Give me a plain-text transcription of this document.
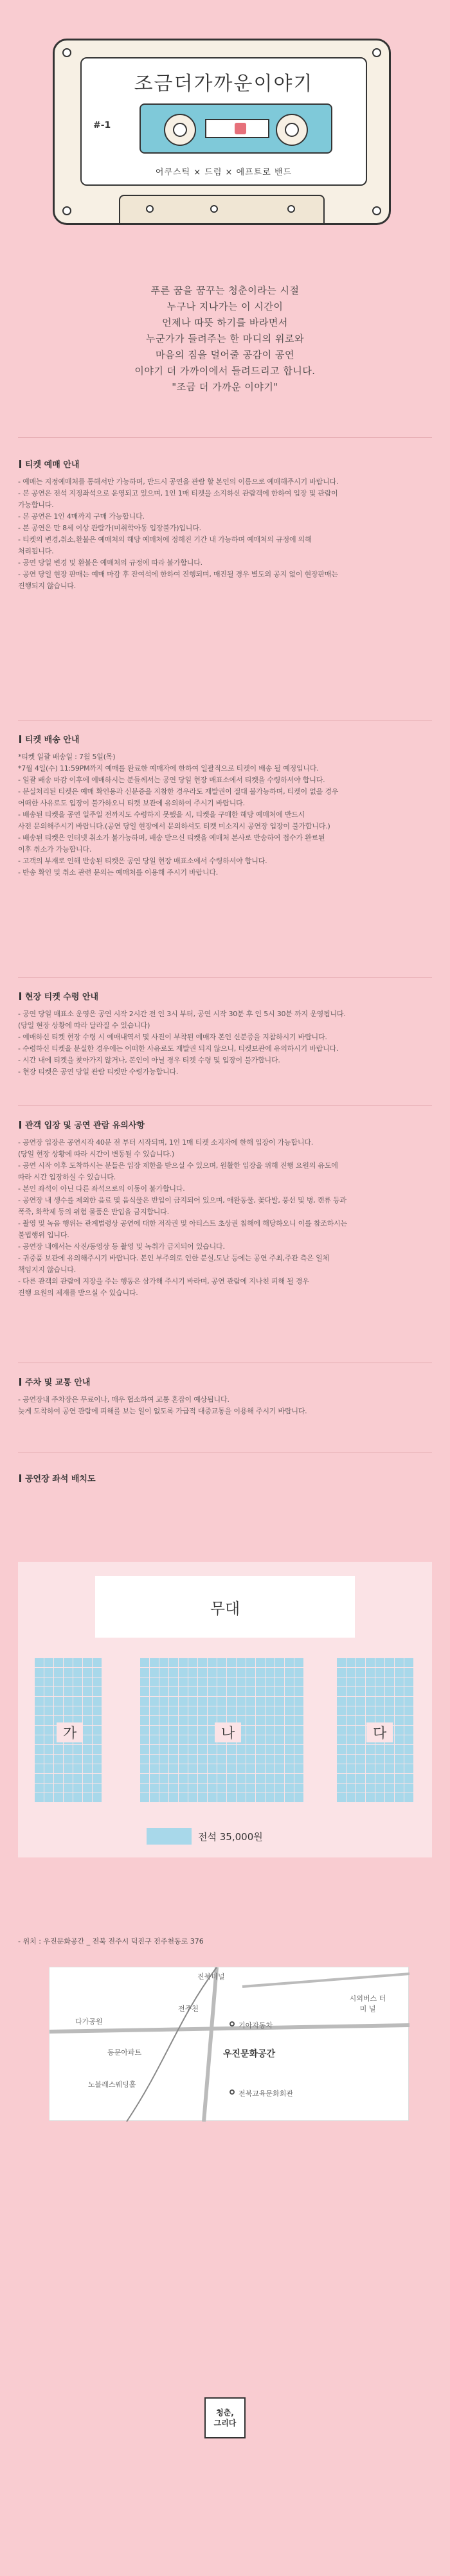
조금더가까운이야기
#-1
어쿠스틱 × 드럼 × 에프트로 밴드

푸른 꿈을 꿈꾸는 청춘이라는 시절

누구나 지나가는 이 시간이

언제나 따뜻 하기를 바라면서

누군가가 들려주는 한 마디의 위로와

마음의 짐을 덜어줄 공감이 공연

이야기 더 가까이에서 들려드리고 합니다.

"조금 더 가까운 이야기"

티켓 예매 안내

- 예매는 지정예매처를 통해서만 가능하며, 반드시 공연을 관람 할 본인의 이름으로 예매해주시기 바랍니다.

- 본 공연은 전석 지정좌석으로 운영되고 있으며, 1인 1매 티켓을 소지하신 관람객에 한하여 입장 및 관람이

가능합니다.

- 본 공연은 1인 4매까지 구매 가능합니다.

- 본 공연은 만 8세 이상 관람가(미취학아동 입장불가)입니다.

- 티켓의 변경,취소,환불은 예매처의 해당 예매처에 정해진 기간 내 가능하며 예매처의 규정에 의해

처리됩니다.

- 공연 당일 변경 및 환불은 예매처의 규정에 따라 불가합니다.

- 공연 당일 현장 판매는 예매 마감 후 잔여석에 한하여 진행되며, 매진될 경우 별도의 공지 없이 현장판매는

진행되지 않습니다.

티켓 배송 안내

*티켓 일괄 배송일 : 7월 5일(목)

*7월 4일(수) 11:59PM까지 예매를 완료한 예매자에 한하여 일괄적으로 티켓이 배송 될 예정입니다.

- 일괄 배송 마감 이후에 예매하시는 분들께서는 공연 당일 현장 매표소에서 티켓을 수령하셔야 합니다.

- 분실처리된 티켓은 예매 확인용과 신분증을 지참한 경우라도 재발권이 절대 불가능하며, 티켓이 없을 경우

어떠한 사유로도 입장이 불가하오니 티켓 보관에 유의하여 주시기 바랍니다.

- 배송된 티켓을 공연 일주일 전까지도 수령하지 못했을 시, 티켓을 구매한 해당 예매처에 반드시

사전 문의해주시기 바랍니다.(공연 당일 현장에서 문의하셔도 티켓 미소지시 공연장 입장이 불가합니다.)

- 배송된 티켓은 인터넷 취소가 불가능하며, 배송 받으신 티켓을 예매처 본사로 반송하여 접수가 완료된

이후 취소가 가능합니다.

- 고객의 부재로 인해 반송된 티켓은 공연 당일 현장 매표소에서 수령하셔야 합니다.

- 반송 확인 및 취소 관련 문의는 예매처를 이용해 주시기 바랍니다.

현장 티켓 수령 안내

- 공연 당일 매표소 운영은 공연 시작 2시간 전 인 3시 부터, 공연 시작 30분 후 인 5시 30분 까지 운영됩니다.

(당일 현장 상황에 따라 달라질 수 있습니다)

- 예매하신 티켓 현장 수령 시 예매내역서 및 사진이 부착된 예매자 본인 신분증을 지참하시기 바랍니다.

- 수령하신 티켓을 분실한 경우에는 어떠한 사유로도 재발권 되지 않으니, 티켓보관에 유의하시기 바랍니다.

- 시간 내에 티켓을 찾아가지 않거나, 본인이 아닐 경우 티켓 수령 및 입장이 불가합니다.

- 현장 티켓은 공연 당일 관람 티켓만 수령가능합니다.

관객 입장 및 공연 관람 유의사항

- 공연장 입장은 공연시작 40분 전 부터 시작되며, 1인 1매 티켓 소지자에 한해 입장이 가능합니다.

(당일 현장 상황에 따라 시간이 변동될 수 있습니다.)

- 공연 시작 이후 도착하시는 분들은 입장 제한을 받으실 수 있으며, 원활한 입장을 위해 진행 요원의 유도에

따라 시간 입장하실 수 있습니다.

- 본인 좌석이 아닌 다른 좌석으로의 이동이 불가합니다.

- 공연장 내 생수를 제외한 음료 및 음식물은 반입이 금지되어 있으며, 애완동물, 꽃다발, 풍선 및 병, 캔류 등과

폭죽, 화학제 등의 위험 물품은 반입을 금지합니다.

- 촬영 및 녹음 행위는 관계법령상 공연에 대한 저작권 및 아티스트 초상권 침해에 해당하오니 이를 참조하시는

불법행위 입니다.

- 공연장 내에서는 사진/동영상 등 촬영 및 녹취가 금지되어 있습니다.

- 귀중품 보관에 유의해주시기 바랍니다. 본인 부주의로 인한 분실,도난 등에는 공연 주최,주관 측은 일체

책임지지 않습니다.

- 다른 관객의 관람에 지장을 주는 행동은 삼가해 주시기 바라며, 공연 관람에 지나친 피해 될 경우

진행 요원의 제재를 받으실 수 있습니다.

주차 및 교통 안내

- 공연장내 주차장은 무료이나, 매우 협소하여 교통 혼잡이 예상됩니다.

늦게 도착하여 공연 관람에 피해를 보는 일이 없도록 가급적 대중교통을 이용해 주시기 바랍니다.

공연장 좌석 배치도
무대
가	나	다
전석 35,000원
- 위치 : 우진문화공간 _ 전북 전주시 덕진구 전주천동로 376
진북터널
전주천
다가공원
동문아파트
노블레스웨딩홀
기아자동차
우진문화공간
전북교육문화회관
시외버스 터 미 널
청춘,
그리다
